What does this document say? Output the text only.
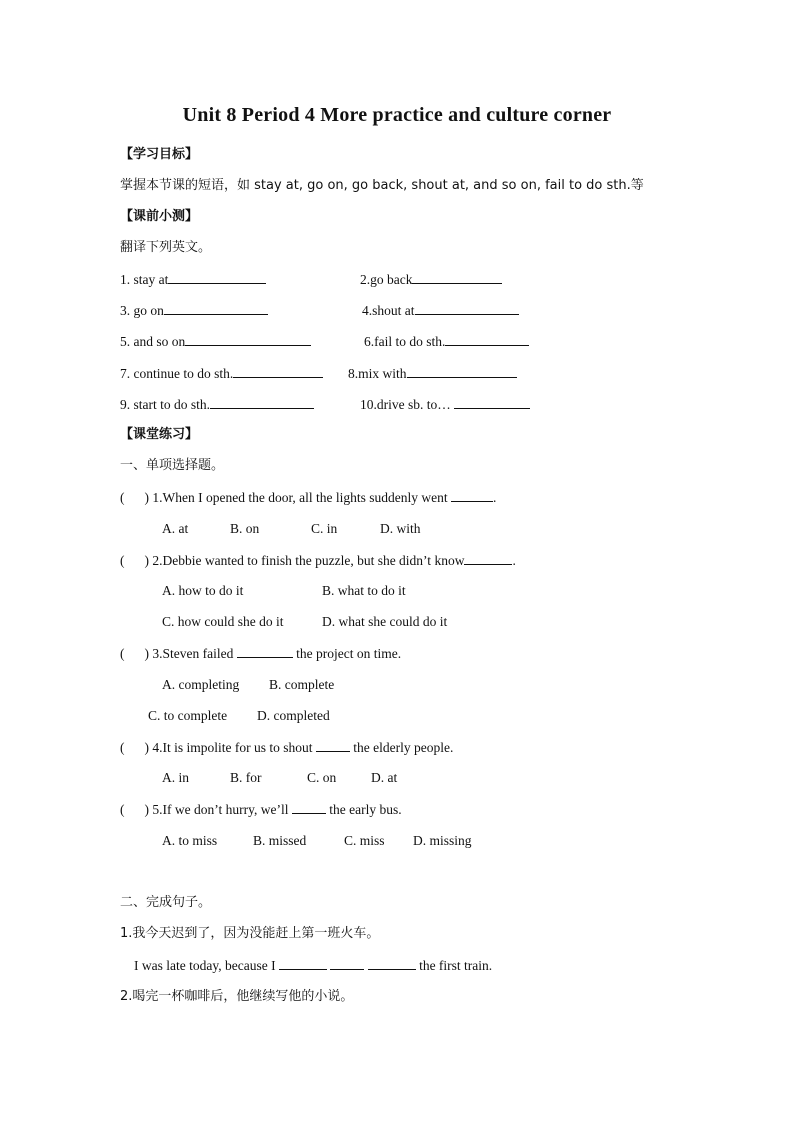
Unit 8 Period 4 More practice and culture corner
【学习目标】
掌握本节课的短语，如 stay at, go on, go back, shout at, and so on, fail to do sth.等
【课前小测】
翻译下列英文。
1. stay at	2.go back
3. go on	4.shout at
5. and so on	6.fail to do sth.
7. continue to do sth.	8.mix with
9. start to do sth.	10.drive sb. to…
【课堂练习】
一、单项选择题。
( ) 1.When I opened the door, all the lights suddenly went	.
A. at	B. on	C. in	D. with
( ) 2.Debbie wanted to finish the puzzle, but she didn’t know	.
A. how to do it	B. what to do it
C. how could she do it	D. what she could do it
( ) 3.Steven failed	the project on time.
A. completing B. complete
C. to complete D. completed
( ) 4.It is impolite for us to shout	the elderly people.
A. in	B. for	C. on	D. at
( ) 5.If we don’t hurry, we’ll	the early bus.
A. to miss	B. missed	C. miss D. missing
二、完成句子。
1.我今天迟到了，因为没能赶上第一班火车。
I was late today, because I	the first train.
2.喝完一杯咖啡后，他继续写他的小说。
